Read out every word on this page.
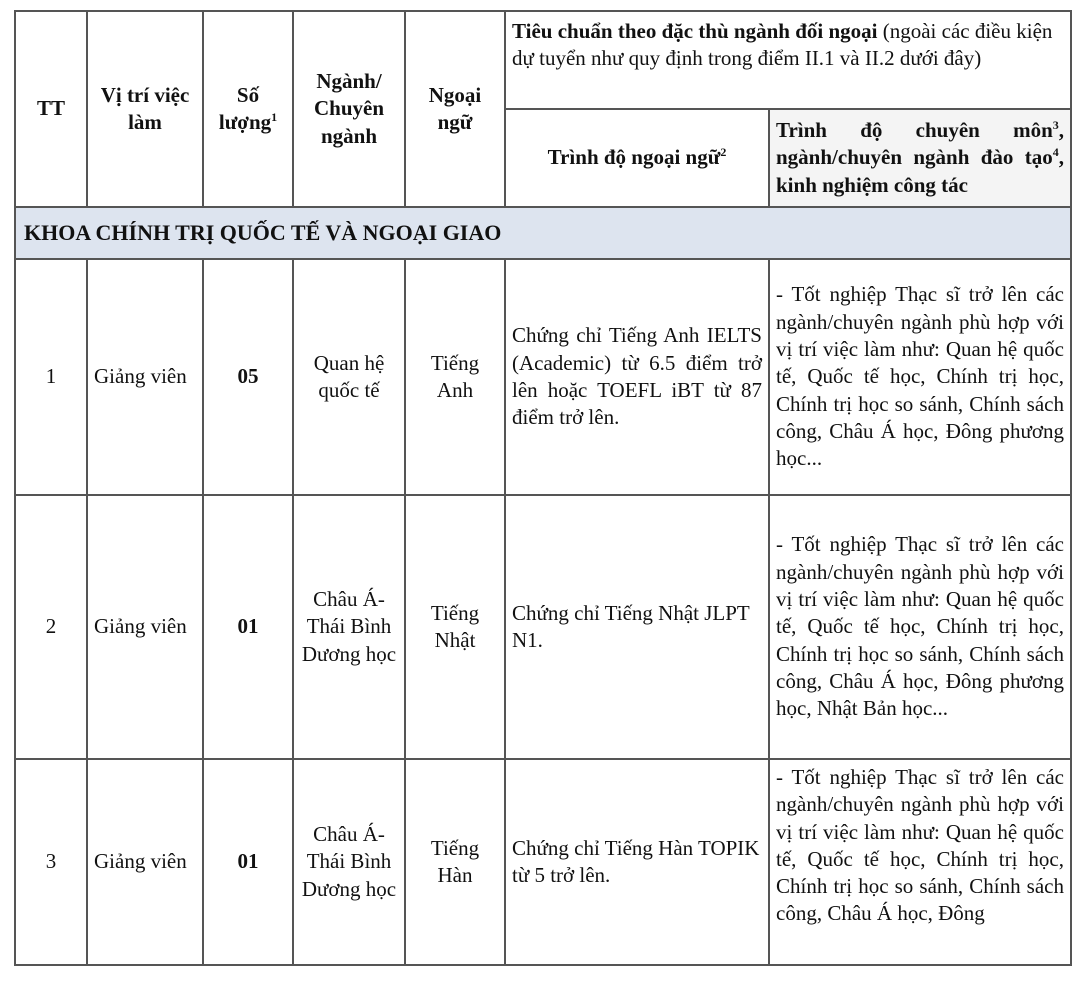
TT	Vị trí việc làm	Số lượng$^1$	Ngành/ Chuyên ngành	Ngoại ngữ	Tiêu chuẩn theo đặc thù ngành đối ngoại (ngoài các điều kiện dự tuyển như quy định trong điểm II.1 và II.2 dưới đây)	
					Trình độ ngoại ngữ$^2$	Trình độ chuyên môn$^3$, ngành/chuyên ngành đào tạo$^4$, kinh nghiệm công tác
KHOA CHÍNH TRỊ QUỐC TẾ VÀ NGOẠI GIAO						
1	Giảng viên	05	Quan hệ quốc tế	Tiếng Anh	Chứng chỉ Tiếng Anh IELTS (Academic) từ 6.5 điểm trở lên hoặc TOEFL iBT từ 87 điểm trở lên.	- Tốt nghiệp Thạc sĩ trở lên các ngành/chuyên ngành phù hợp với vị trí việc làm như: Quan hệ quốc tế, Quốc tế học, Chính trị học, Chính trị học so sánh, Chính sách công, Châu Á học, Đông phương học...
2	Giảng viên	01	Châu Á- Thái Bình Dương học	Tiếng Nhật	Chứng chỉ Tiếng Nhật JLPT N1.	- Tốt nghiệp Thạc sĩ trở lên các ngành/chuyên ngành phù hợp với vị trí việc làm như: Quan hệ quốc tế, Quốc tế học, Chính trị học, Chính trị học so sánh, Chính sách công, Châu Á học, Đông phương học, Nhật Bản học...
3	Giảng viên	01	Châu Á- Thái Bình Dương học	Tiếng Hàn	Chứng chỉ Tiếng Hàn TOPIK từ 5 trở lên.	- Tốt nghiệp Thạc sĩ trở lên các ngành/chuyên ngành phù hợp với vị trí việc làm như: Quan hệ quốc tế, Quốc tế học, Chính trị học, Chính trị học so sánh, Chính sách công, Châu Á học, Đông
